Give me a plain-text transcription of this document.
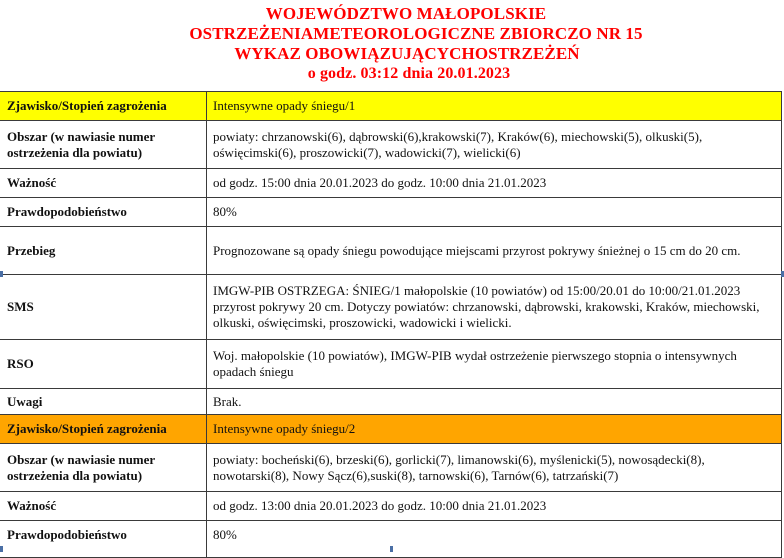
WOJEWÓDZTWO MAŁOPOLSKIE
OSTRZEŻENIAMETEOROLOGICZNE ZBIORCZO NR 15
WYKAZ OBOWIĄZUJĄCYCHOSTRZEŻEŃ
o godz. 03:12 dnia 20.01.2023
Zjawisko/Stopień zagrożenia	Intensywne opady śniegu/1
Obszar (w nawiasie numer ostrzeżenia dla powiatu)	powiaty: chrzanowski(6), dąbrowski(6),krakowski(7), Kraków(6), miechowski(5), olkuski(5), oświęcimski(6), proszowicki(7), wadowicki(7), wielicki(6)
Ważność	od godz. 15:00 dnia 20.01.2023 do godz. 10:00 dnia 21.01.2023
Prawdopodobieństwo	80%
Przebieg	Prognozowane są opady śniegu powodujące miejscami przyrost pokrywy śnieżnej o 15 cm do 20 cm.
SMS	IMGW-PIB OSTRZEGA: ŚNIEG/1 małopolskie (10 powiatów) od 15:00/20.01 do 10:00/21.01.2023 przyrost pokrywy 20 cm. Dotyczy powiatów: chrzanowski, dąbrowski, krakowski, Kraków, miechowski, olkuski, oświęcimski, proszowicki, wadowicki i wielicki.
RSO	Woj. małopolskie (10 powiatów), IMGW-PIB wydał ostrzeżenie pierwszego stopnia o intensywnych opadach śniegu
Uwagi	Brak.
Zjawisko/Stopień zagrożenia	Intensywne opady śniegu/2
Obszar (w nawiasie numer ostrzeżenia dla powiatu)	powiaty: bocheński(6), brzeski(6), gorlicki(7), limanowski(6), myślenicki(5), nowosądecki(8), nowotarski(8), Nowy Sącz(6),suski(8), tarnowski(6), Tarnów(6), tatrzański(7)
Ważność	od godz. 13:00 dnia 20.01.2023 do godz. 10:00 dnia 21.01.2023
Prawdopodobieństwo	80%
